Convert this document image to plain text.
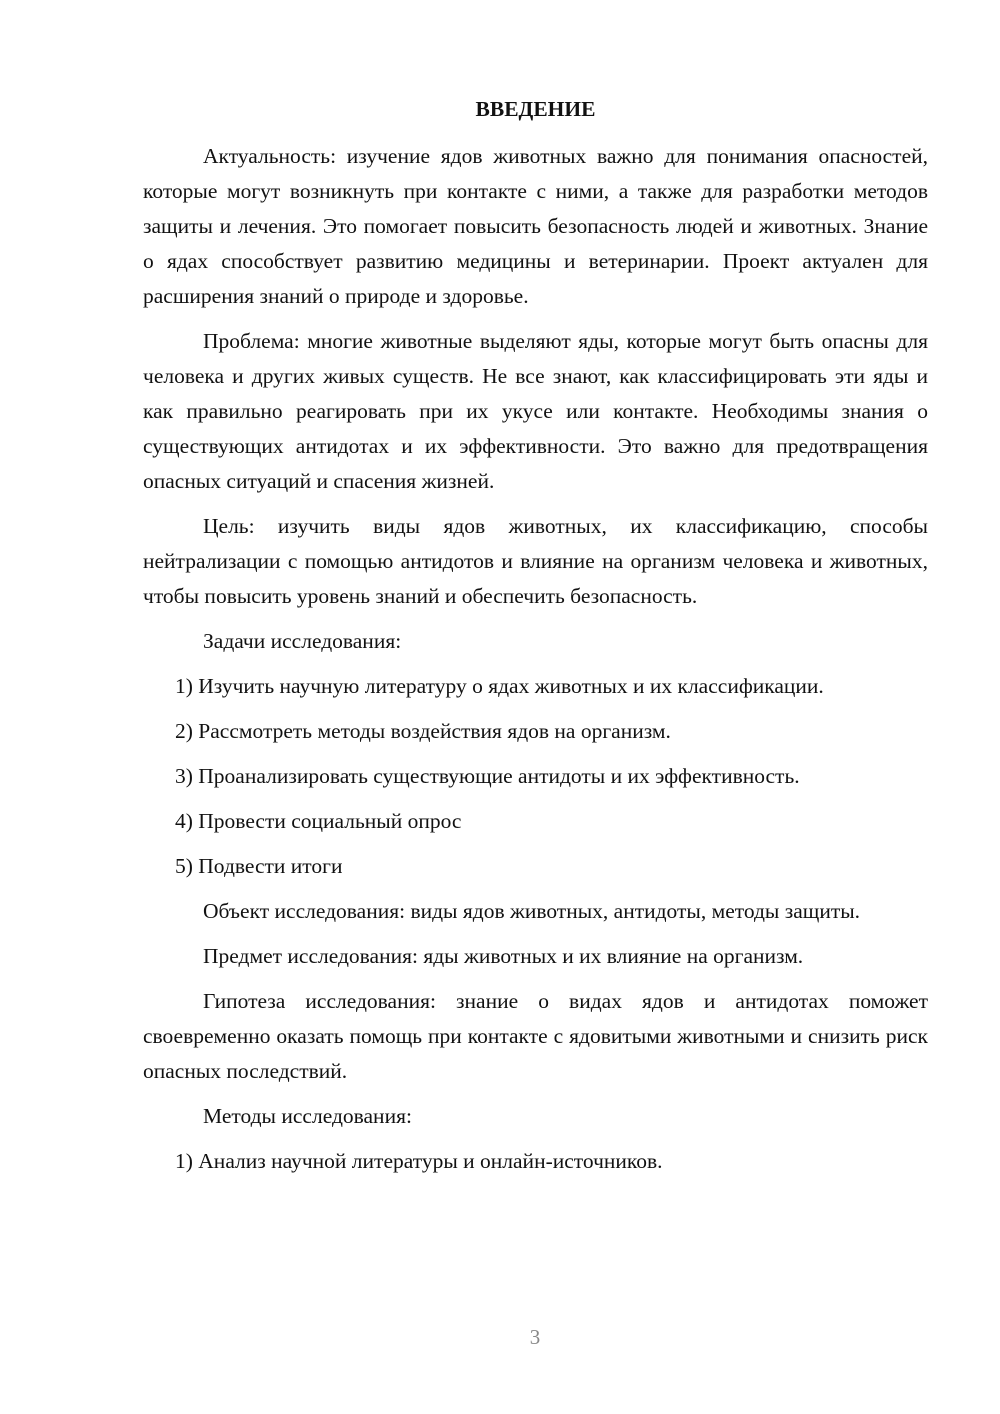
ВВЕДЕНИЕ
Актуальность: изучение ядов животных важно для понимания опасностей, которые могут возникнуть при контакте с ними, а также для разработки методов защиты и лечения. Это помогает повысить безопасность людей и животных. Знание о ядах способствует развитию медицины и ветеринарии. Проект актуален для расширения знаний о природе и здоровье.
Проблема: многие животные выделяют яды, которые могут быть опасны для человека и других живых существ. Не все знают, как классифицировать эти яды и как правильно реагировать при их укусе или контакте. Необходимы знания о существующих антидотах и их эффективности. Это важно для предотвращения опасных ситуаций и спасения жизней.
Цель: изучить виды ядов животных, их классификацию, способы нейтрализации с помощью антидотов и влияние на организм человека и животных, чтобы повысить уровень знаний и обеспечить безопасность.
Задачи исследования:
1) Изучить научную литературу о ядах животных и их классификации.
2) Рассмотреть методы воздействия ядов на организм.
3) Проанализировать существующие антидоты и их эффективность.
4) Провести социальный опрос
5) Подвести итоги
Объект исследования: виды ядов животных, антидоты, методы защиты.
Предмет исследования: яды животных и их влияние на организм.
Гипотеза исследования: знание о видах ядов и антидотах поможет своевременно оказать помощь при контакте с ядовитыми животными и снизить риск опасных последствий.
Методы исследования:
1) Анализ научной литературы и онлайн-источников.
3
